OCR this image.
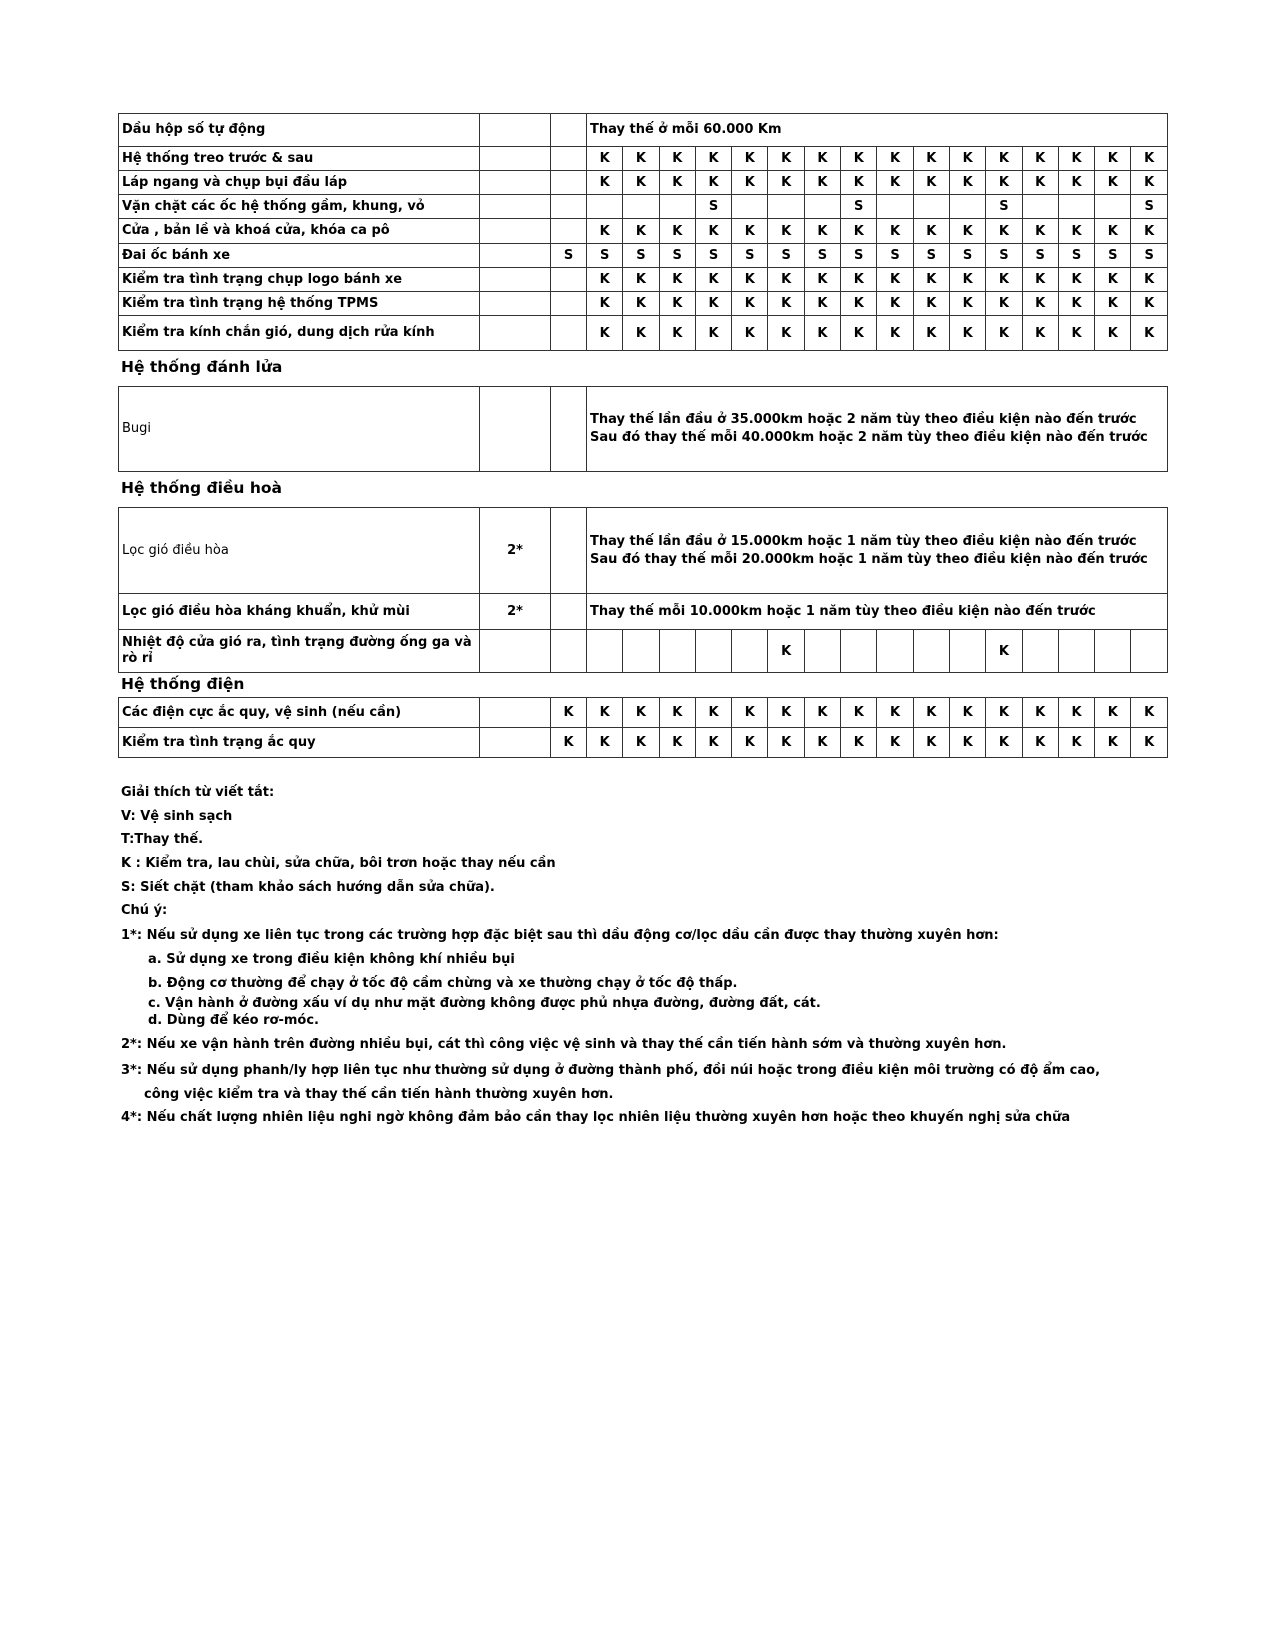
Dầu hộp số tự động			Thay thế ở mỗi 60.000 Km															
Hệ thống treo trước & sau			K	K	K	K	K	K	K	K	K	K	K	K	K	K	K	K
Láp ngang và chụp bụi đầu láp			K	K	K	K	K	K	K	K	K	K	K	K	K	K	K	K
Vặn chặt các ốc hệ thống gầm, khung, vỏ						S				S				S				S
Cửa , bản lề và khoá cửa, khóa ca pô			K	K	K	K	K	K	K	K	K	K	K	K	K	K	K	K
Đai ốc bánh xe		S	S	S	S	S	S	S	S	S	S	S	S	S	S	S	S	S
Kiểm tra tình trạng chụp logo bánh xe			K	K	K	K	K	K	K	K	K	K	K	K	K	K	K	K
Kiểm tra tình trạng hệ thống TPMS			K	K	K	K	K	K	K	K	K	K	K	K	K	K	K	K
Kiểm tra kính chắn gió, dung dịch rửa kính			K	K	K	K	K	K	K	K	K	K	K	K	K	K	K	K
Hệ thống đánh lửa
Bugi			Thay thế lần đầu ở 35.000km hoặc 2 năm tùy theo điều kiện nào đến trước
Sau đó thay thế mỗi 40.000km hoặc 2 năm tùy theo điều kiện nào đến trước
Hệ thống điều hoà
Lọc gió điều hòa	2*		Thay thế lần đầu ở 15.000km hoặc 1 năm tùy theo điều kiện nào đến trước
Sau đó thay thế mỗi 20.000km hoặc 1 năm tùy theo điều kiện nào đến trước															
Lọc gió điều hòa kháng khuẩn, khử mùi	2*		Thay thế mỗi 10.000km hoặc 1 năm tùy theo điều kiện nào đến trước															
Nhiệt độ cửa gió ra, tình trạng đường ống ga và rò rỉ								K						K				
Hệ thống điện
Các điện cực ắc quy, vệ sinh (nếu cần)		K	K	K	K	K	K	K	K	K	K	K	K	K	K	K	K	K
Kiểm tra tình trạng ắc quy		K	K	K	K	K	K	K	K	K	K	K	K	K	K	K	K	K
Giải thích từ viết tắt:
V: Vệ sinh sạch
T:Thay thế.
K : Kiểm tra, lau chùi, sửa chữa, bôi trơn hoặc thay nếu cần
S: Siết chặt (tham khảo sách hướng dẫn sửa chữa).
Chú ý:
1*: Nếu sử dụng xe liên tục trong các trường hợp đặc biệt sau thì dầu động cơ/lọc dầu cần được thay thường xuyên hơn:
a. Sử dụng xe trong điều kiện không khí nhiều bụi
b. Động cơ thường để chạy ở tốc độ cầm chừng và xe thường chạy ở tốc độ thấp.
c. Vận hành ở đường xấu ví dụ như mặt đường không được phủ nhựa đường, đường đất, cát.
d. Dùng để kéo rơ-móc.
2*: Nếu xe vận hành trên đường nhiều bụi, cát thì công việc vệ sinh và thay thế cần tiến hành sớm và thường xuyên hơn.
3*: Nếu sử dụng phanh/ly hợp liên tục như thường sử dụng ở đường thành phố, đồi núi hoặc trong điều kiện môi trường có độ ẩm cao,
công việc kiểm tra và thay thế cần tiến hành thường xuyên hơn.
4*: Nếu chất lượng nhiên liệu nghi ngờ không đảm bảo cần thay lọc nhiên liệu thường xuyên hơn hoặc theo khuyến nghị sửa chữa
